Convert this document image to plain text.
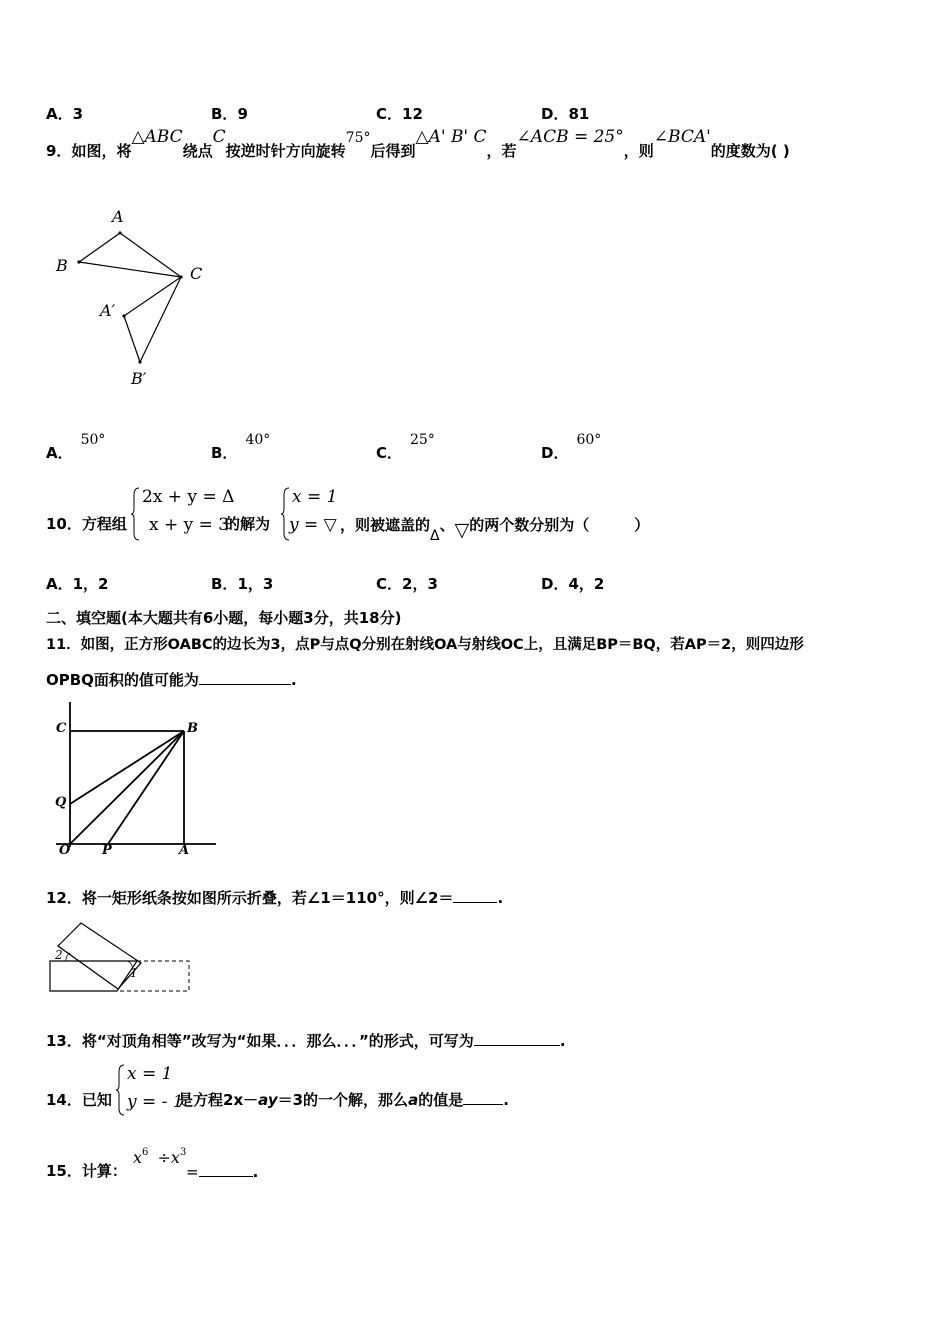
A．3	B．9	C．12	D．81
9．如图，将△ABC绕点C按逆时针方向旋转75°后得到△A' B' C，若∠ACB = 25°，则∠BCA'的度数为( )
A
B	C
A′
B′
A．50°
B．40°
C．25°
D．60°
10．方程组
2x + y = Δ
x + y = 3
的解为
x = 1
y = ▽ ，则被遮盖的Δ、▽的两个数分别为（　　　）
A．1，2	B．1，3	C．2，3	D．4，2
二、填空题(本大题共有6小题，每小题3分，共18分)
11．如图，正方形OABC的边长为3，点P与点Q分别在射线OA与射线OC上，且满足BP＝BQ，若AP＝2，则四边形
OPBQ面积的值可能为	.
C	B
Q
O P	A
12．将一矩形纸条按如图所示折叠，若∠1＝110°，则∠2＝	.
2
1
13．将“对顶角相等”改写为“如果．．．那么．．．”的形式，可写为	.
14．已知
x = 1
y = - 1
是方程2x－ay＝3的一个解，那么a的值是	.
15．计算：
$x^6 \div x^3$
=	.
